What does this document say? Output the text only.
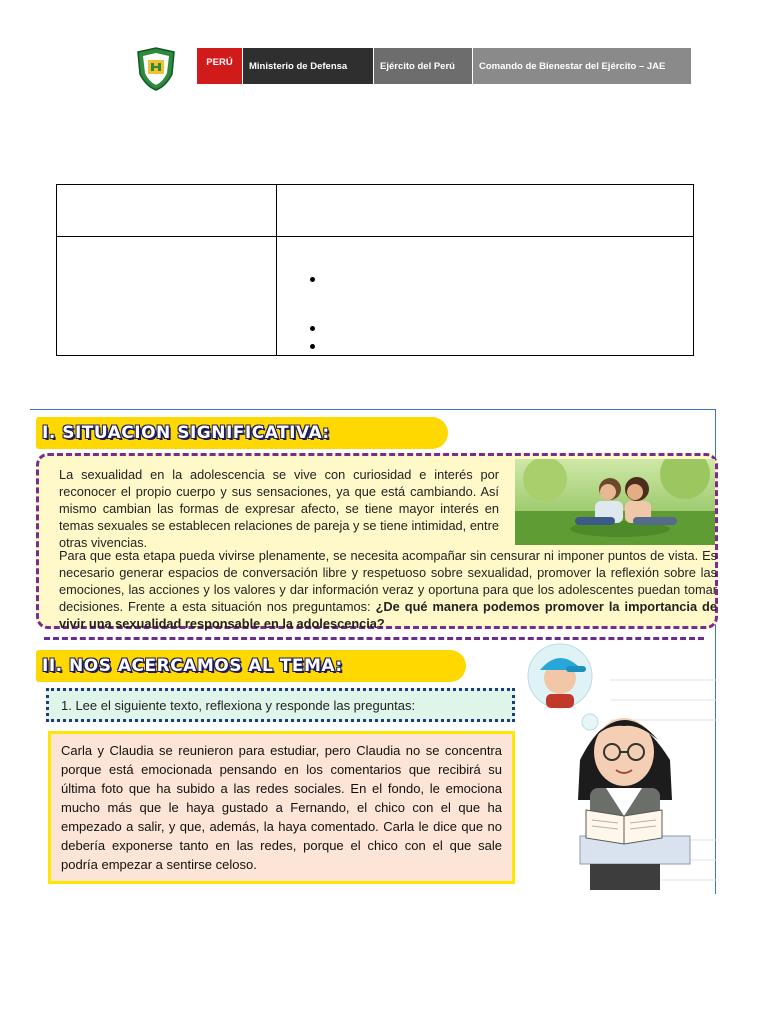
PERÚ	Ministerio de Defensa	Ejército del Perú	Comando de Bienestar del Ejército – JAE
I. SITUACION SIGNIFICATIVA:
La sexualidad en la adolescencia se vive con curiosidad e interés por reconocer el propio cuerpo y sus sensaciones, ya que está cambiando. Así mismo cambian las formas de expresar afecto, se tiene mayor interés en temas sexuales se establecen relaciones de pareja y se tiene intimidad, entre otras vivencias.
Para que esta etapa pueda vivirse plenamente, se necesita acompañar sin censurar ni imponer puntos de vista. Es necesario generar espacios de conversación libre y respetuoso sobre sexualidad, promover la reflexión sobre las emociones, las acciones y los valores y dar información veraz y oportuna para que los adolescentes puedan tomar decisiones. Frente a esta situación nos preguntamos: ¿De qué manera podemos promover la importancia de vivir una sexualidad responsable en la adolescencia?
II. NOS ACERCAMOS AL TEMA:
1. Lee el siguiente texto, reflexiona y responde las preguntas:
Carla y Claudia se reunieron para estudiar, pero Claudia no se concentra porque está emocionada pensando en los comentarios que recibirá su última foto que ha subido a las redes sociales. En el fondo, le emociona mucho más que le haya gustado a Fernando, el chico con el que ha empezado a salir, y que, además, la haya comentado. Carla le dice que no debería exponerse tanto en las redes, porque el chico con el que sale podría empezar a sentirse celoso.
